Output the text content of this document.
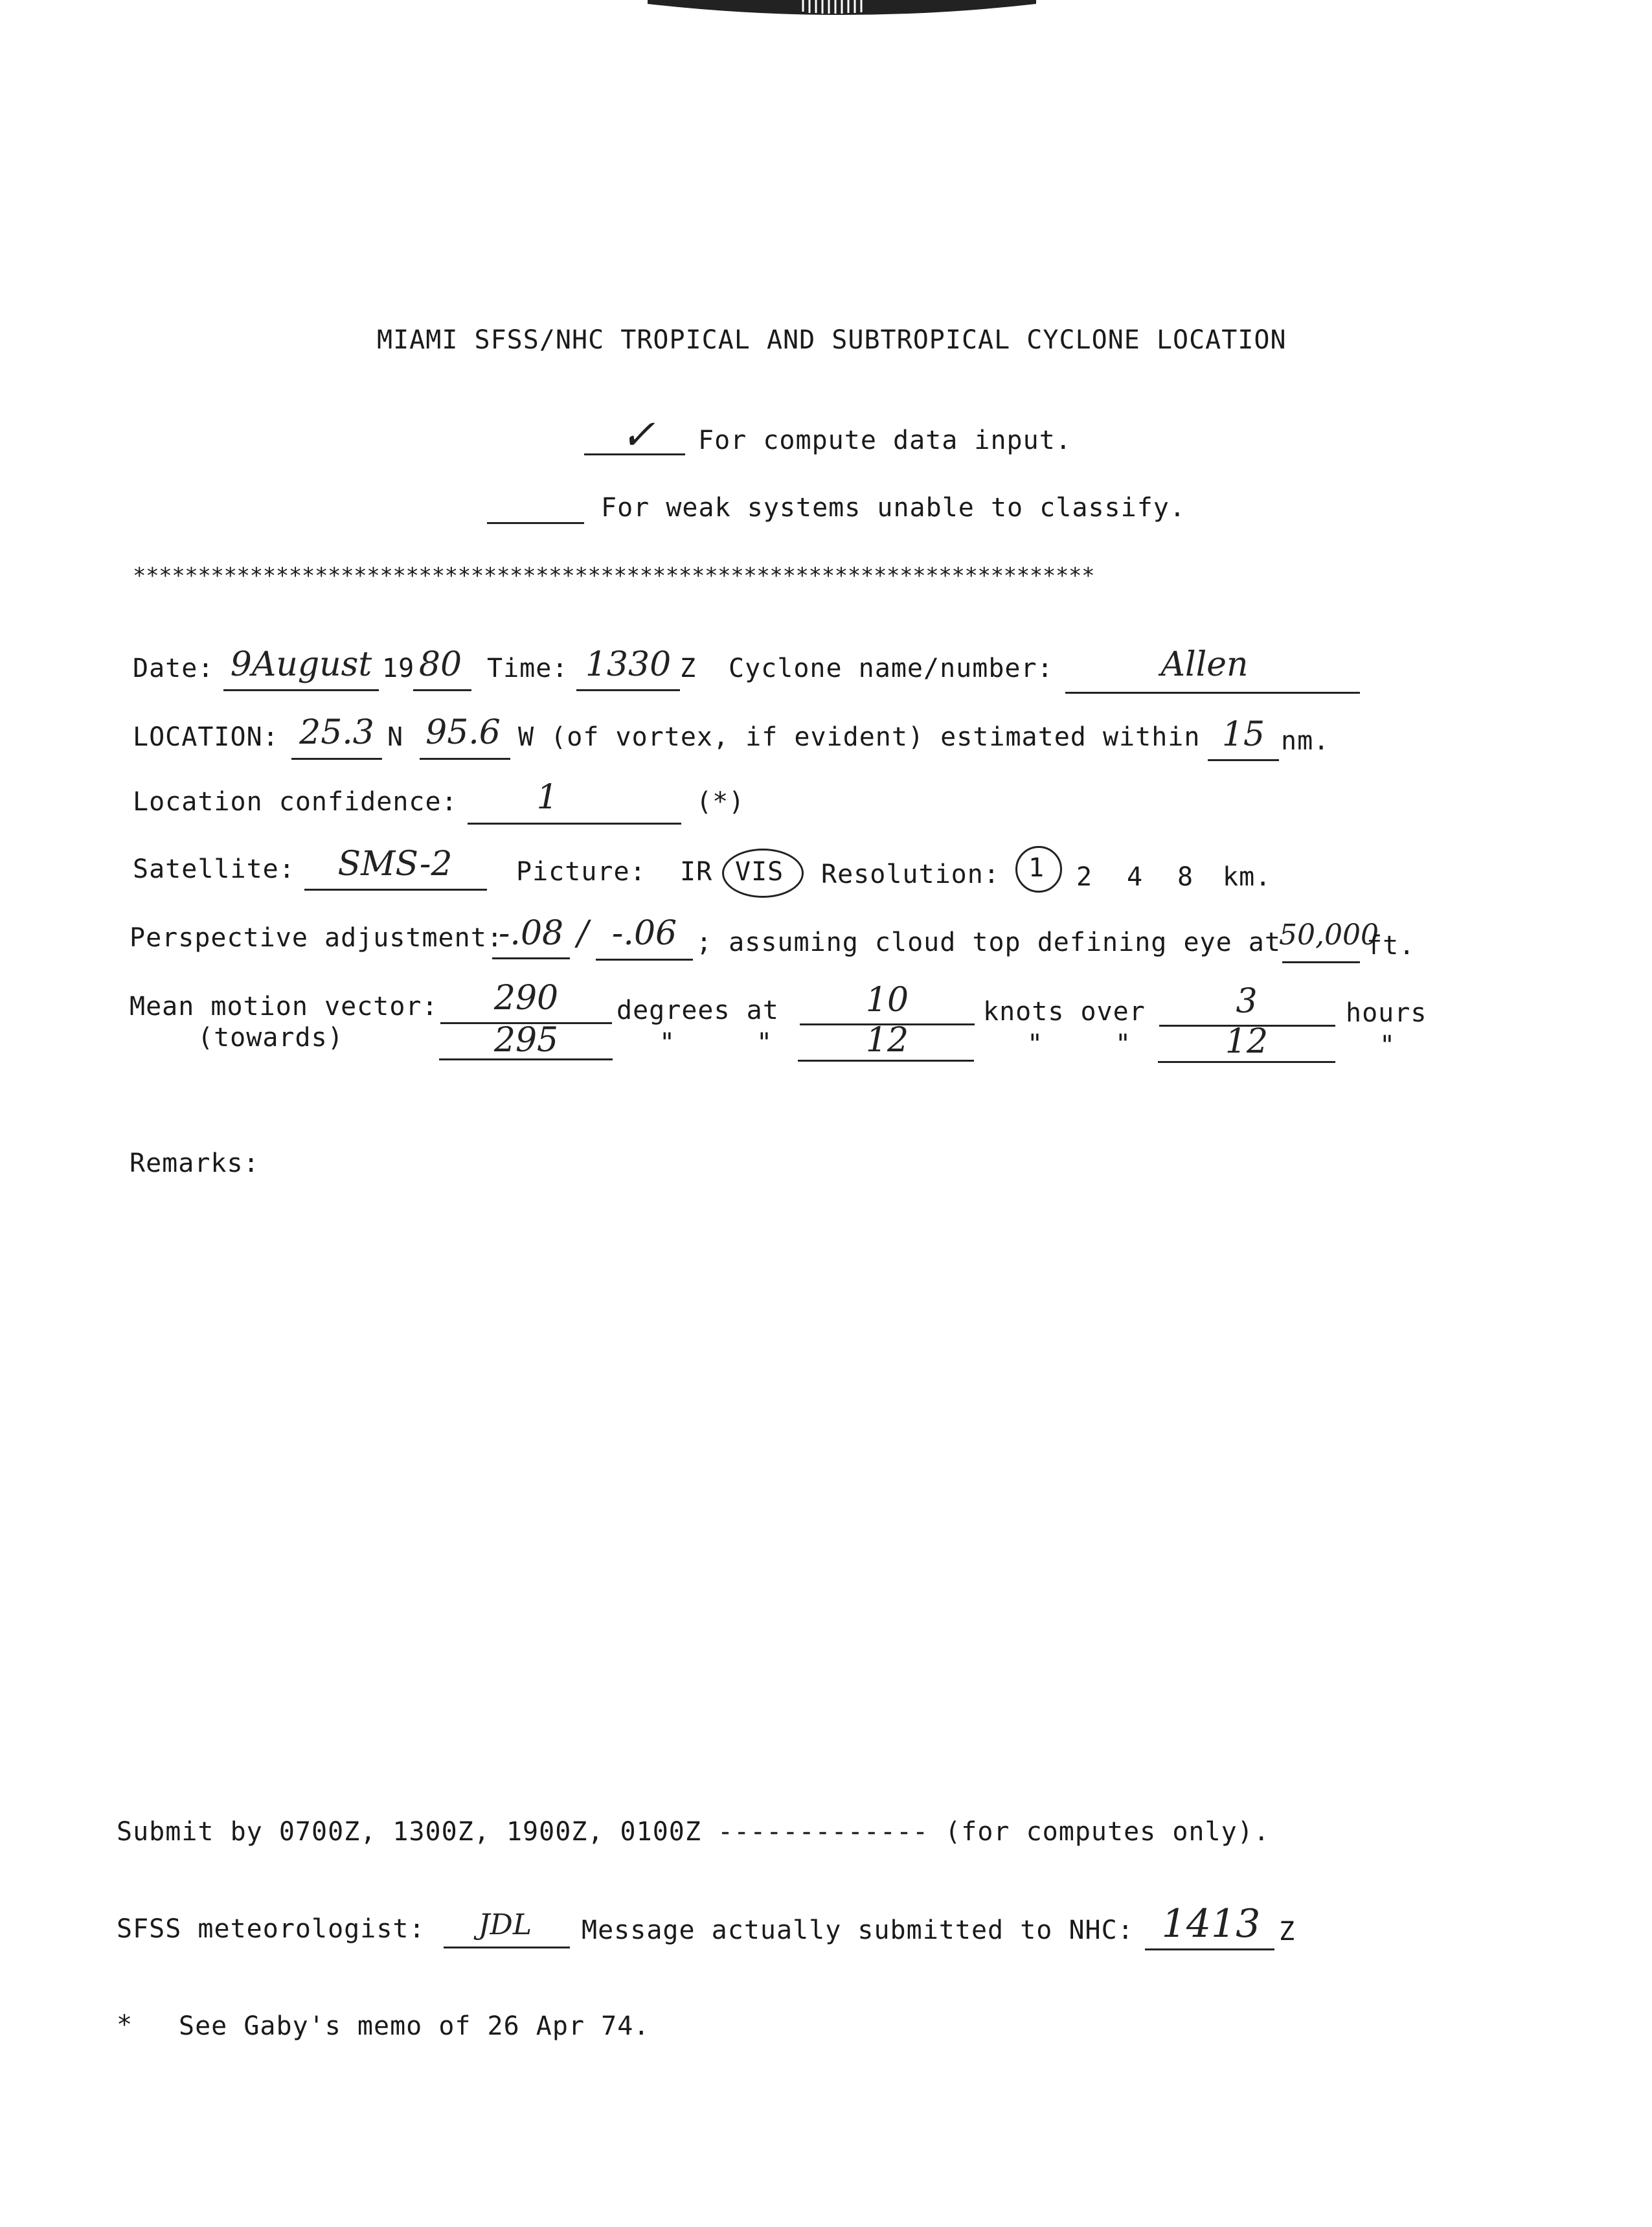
MIAMI SFSS/NHC TROPICAL AND SUBTROPICAL CYCLONE LOCATION
✓	For compute data input.
For weak systems unable to classify.
**************************************************************************
Date: 9August 19 80 Time: 1330 Z Cyclone name/number:	Allen
LOCATION: 25.3 N 95.6 W (of vortex, if evident) estimated within 15 nm.
Location confidence:	1	(*)
Satellite:	SMS-2	Picture: IR VIS Resolution: 1 2 4 8 km.
Perspective adjustment:
-.08 / -.06 ; assuming cloud top defining eye at
50,000
ft.
Mean motion vector:
(towards)
290	degrees at	10	knots over	3	hours
295	"	"	12	"	"	12	"
Remarks:
Submit by 0700Z, 1300Z, 1900Z, 0100Z ------------- (for computes only).
SFSS meteorologist:	JDL	Message actually submitted to NHC: 1413 Z
* See Gaby's memo of 26 Apr 74.
